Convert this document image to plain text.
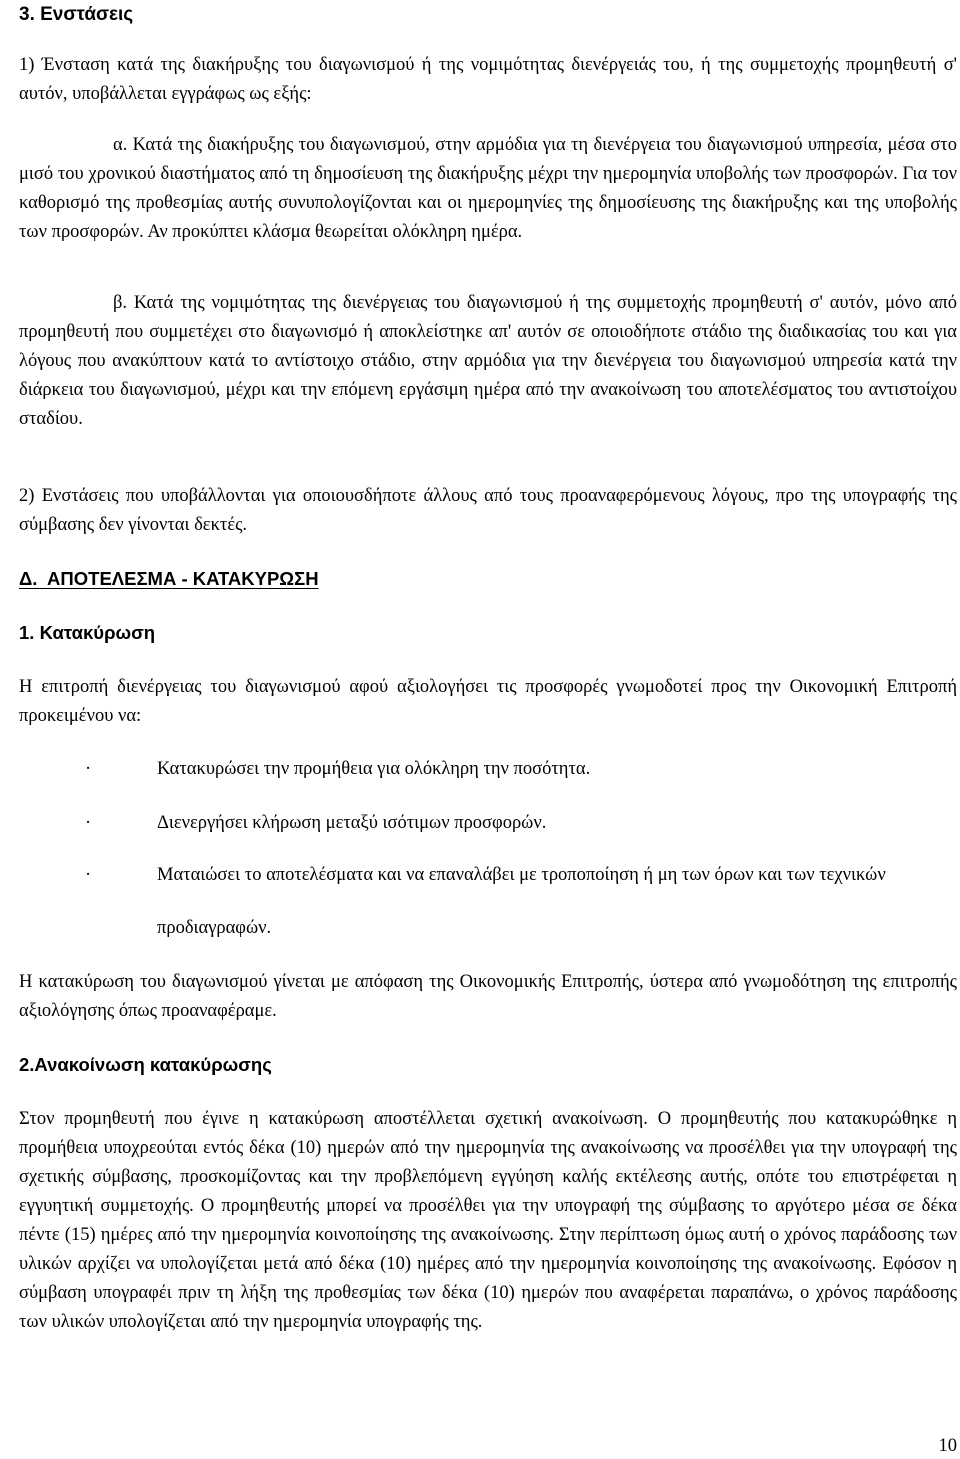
3. Ενστάσεις

1) Ένσταση κατά της διακήρυξης του διαγωνισμού ή της νομιμότητας διενέργειάς του, ή της συμμετοχής προμηθευτή σ' αυτόν, υποβάλλεται εγγράφως ως εξής:

α. Κατά της διακήρυξης του διαγωνισμού, στην αρμόδια για τη διενέργεια του διαγωνισμού υπηρεσία, μέσα στο μισό του χρονικού διαστήματος από τη δημοσίευση της διακήρυξης μέχρι την ημερομηνία υποβολής των προσφορών. Για τον καθορισμό της προθεσμίας αυτής συνυπολογίζονται και οι ημερομηνίες της δημοσίευσης της διακήρυξης και της υποβολής των προσφορών. Αν προκύπτει κλάσμα θεωρείται ολόκληρη ημέρα.

β. Κατά της νομιμότητας της διενέργειας του διαγωνισμού ή της συμμετοχής προμηθευτή σ' αυτόν, μόνο από προμηθευτή που συμμετέχει στο διαγωνισμό ή αποκλείστηκε απ' αυτόν σε οποιοδήποτε στάδιο της διαδικασίας του και για λόγους που ανακύπτουν κατά το αντίστοιχο στάδιο, στην αρμόδια για την διενέργεια του διαγωνισμού υπηρεσία κατά την διάρκεια του διαγωνισμού, μέχρι και την επόμενη εργάσιμη ημέρα από την ανακοίνωση του αποτελέσματος του αντιστοίχου σταδίου.

2) Ενστάσεις που υποβάλλονται για οποιουσδήποτε άλλους από τους προαναφερόμενους λόγους, προ της υπογραφής της σύμβασης δεν γίνονται δεκτές.

Δ.  ΑΠΟΤΕΛΕΣΜΑ - ΚΑΤΑΚΥΡΩΣΗ
1. Κατακύρωση

Η επιτροπή διενέργειας του διαγωνισμού αφού αξιολογήσει τις προσφορές γνωμοδοτεί προς την Οικονομική Επιτροπή προκειμένου να:

·	Κατακυρώσει την προμήθεια για ολόκληρη την ποσότητα.

·	Διενεργήσει κλήρωση μεταξύ ισότιμων προσφορών.

·	Ματαιώσει το αποτελέσματα και να επαναλάβει με τροποποίηση ή μη των όρων και των τεχνικών προδιαγραφών.

Η κατακύρωση του διαγωνισμού γίνεται με απόφαση της Οικονομικής Επιτροπής, ύστερα από γνωμοδότηση της επιτροπής αξιολόγησης όπως προαναφέραμε.

2.Ανακοίνωση κατακύρωσης

Στον προμηθευτή που έγινε η κατακύρωση αποστέλλεται σχετική ανακοίνωση. Ο προμηθευτής που κατακυρώθηκε η προμήθεια υποχρεούται εντός δέκα (10) ημερών από την ημερομηνία της ανακοίνωσης να προσέλθει για την υπογραφή της σχετικής σύμβασης, προσκομίζοντας και την προβλεπόμενη εγγύηση καλής εκτέλεσης αυτής, οπότε του επιστρέφεται η εγγυητική συμμετοχής. Ο προμηθευτής μπορεί να προσέλθει για την υπογραφή της σύμβασης το αργότερο μέσα σε δέκα πέντε (15) ημέρες από την ημερομηνία κοινοποίησης της ανακοίνωσης. Στην περίπτωση όμως αυτή ο χρόνος παράδοσης των υλικών αρχίζει να υπολογίζεται μετά από δέκα (10) ημέρες από την ημερομηνία κοινοποίησης της ανακοίνωσης. Εφόσον η σύμβαση υπογραφέι πριν τη λήξη της προθεσμίας των δέκα (10) ημερών που αναφέρεται παραπάνω, ο χρόνος παράδοσης των υλικών υπολογίζεται από την ημερομηνία υπογραφής της.

10
